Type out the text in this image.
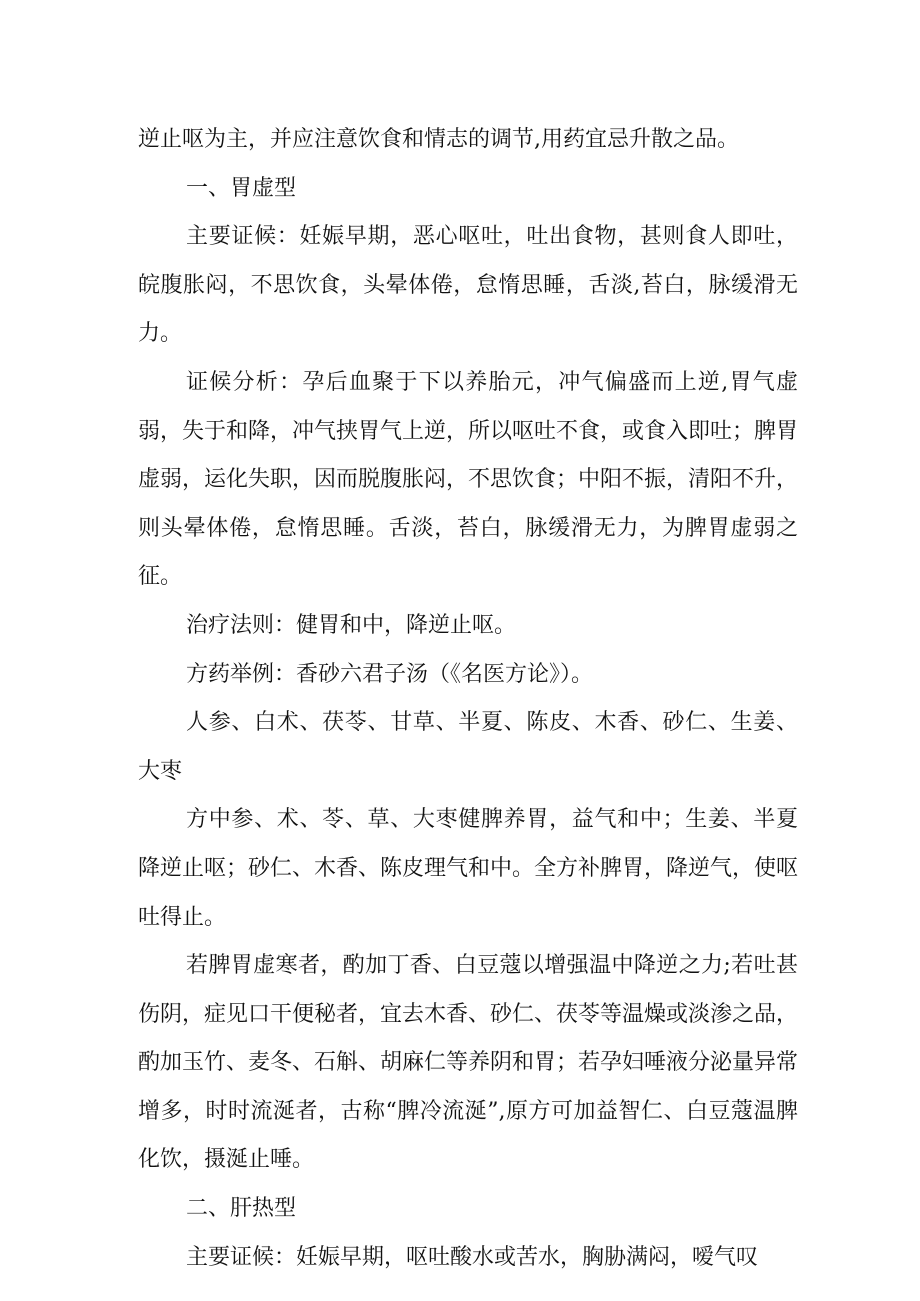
逆止呕为主，并应注意饮食和情志的调节,用药宜忌升散之品。

一、胃虚型

主要证候：妊娠早期，恶心呕吐，吐出食物，甚则食人即吐，皖腹胀闷，不思饮食，头晕体倦，怠惰思睡，舌淡,苔白，脉缓滑无力。

证候分析：孕后血聚于下以养胎元，冲气偏盛而上逆,胃气虚弱，失于和降，冲气挟胃气上逆，所以呕吐不食，或食入即吐；脾胃虚弱，运化失职，因而脱腹胀闷，不思饮食；中阳不振，清阳不升，则头晕体倦，怠惰思睡。舌淡，苔白，脉缓滑无力，为脾胃虚弱之征。

治疗法则：健胃和中，降逆止呕。

方药举例：香砂六君子汤（《名医方论》）。

人参、白术、茯苓、甘草、半夏、陈皮、木香、砂仁、生姜、大枣

方中参、术、苓、草、大枣健脾养胃，益气和中；生姜、半夏降逆止呕；砂仁、木香、陈皮理气和中。全方补脾胃，降逆气，使呕吐得止。

若脾胃虚寒者，酌加丁香、白豆蔻以增强温中降逆之力;若吐甚伤阴，症见口干便秘者，宜去木香、砂仁、茯苓等温燥或淡渗之品，酌加玉竹、麦冬、石斛、胡麻仁等养阴和胃；若孕妇唾液分泌量异常增多，时时流涎者，古称“脾冷流涎”,原方可加益智仁、白豆蔻温脾化饮，摄涎止唾。

二、肝热型

主要证候：妊娠早期，呕吐酸水或苦水，胸胁满闷，嗳气叹
